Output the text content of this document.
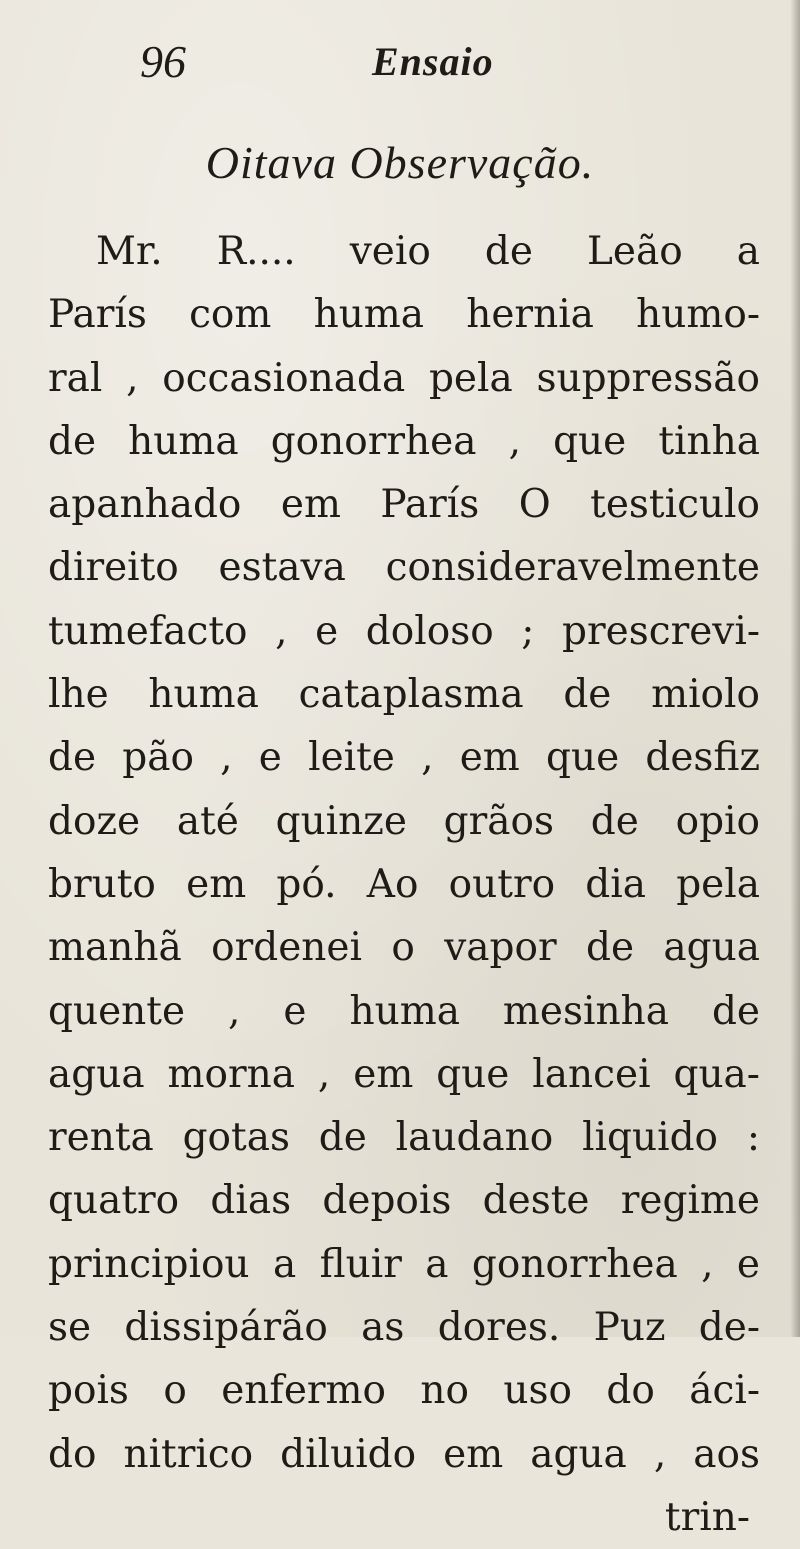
96	Ensaio
Oitava Observação.
Mr. R.... veio de Leão a
París com huma hernia humo-
ral , occasionada pela suppressão
de huma gonorrhea , que tinha
apanhado em París O testiculo
direito estava consideravelmente
tumefacto , e doloso ; prescrevi-
lhe huma cataplasma de miolo
de pão , e leite , em que desfiz
doze até quinze grãos de opio
bruto em pó. Ao outro dia pela
manhã ordenei o vapor de agua
quente , e huma mesinha de
agua morna , em que lancei qua-
renta gotas de laudano liquido :
quatro dias depois deste regime
principiou a fluir a gonorrhea , e
se dissipárão as dores. Puz de-
pois o enfermo no uso do áci-
do nitrico diluido em agua , aos
trin-
